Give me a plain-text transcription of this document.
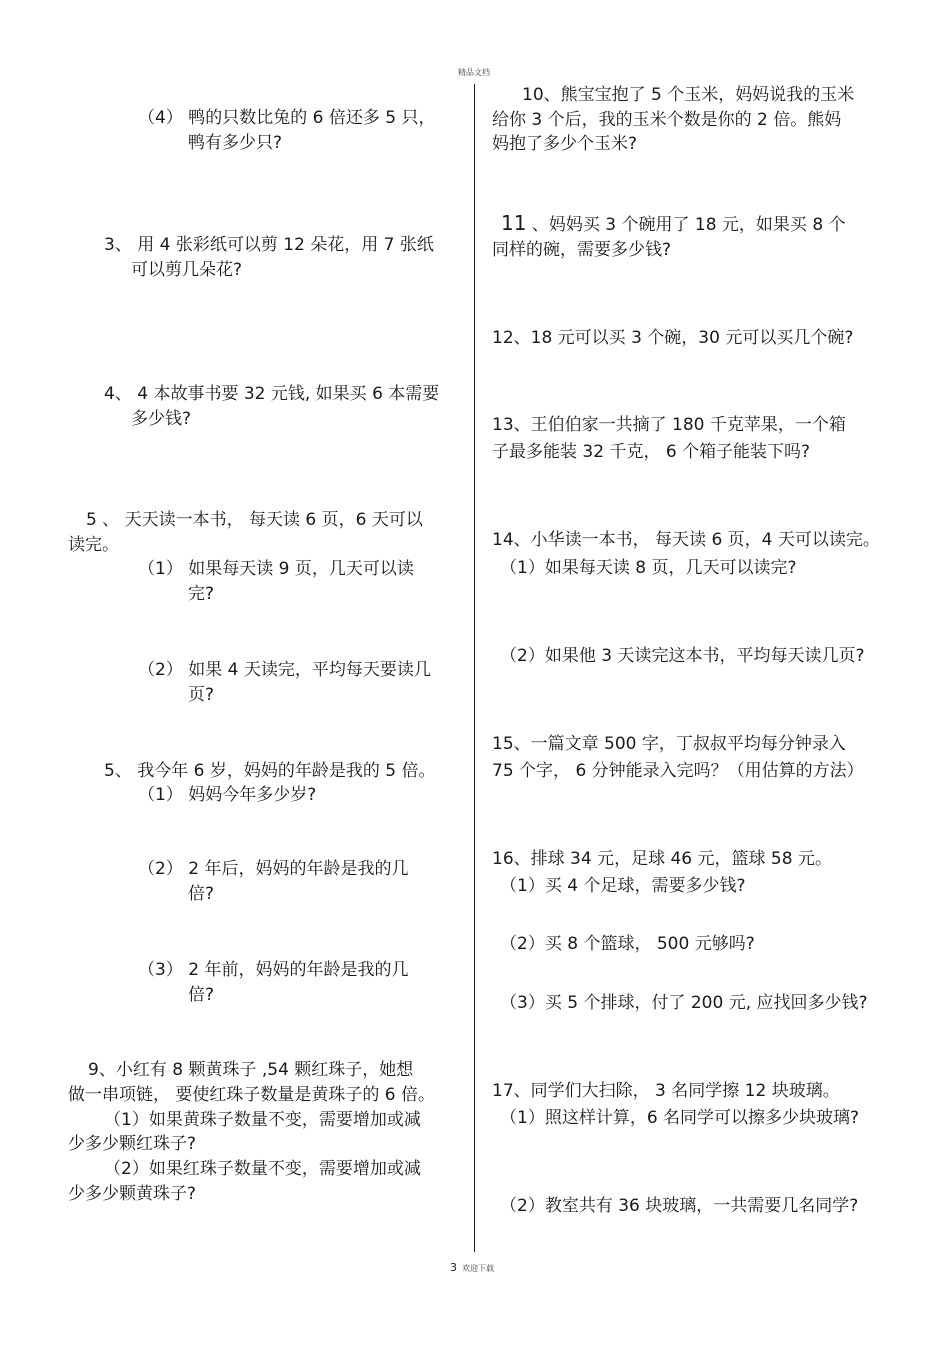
精品文档
（4） 鸭的只数比兔的 6 倍还多 5 只，
鸭有多少只?
3、 用 4 张彩纸可以剪 12 朵花，用 7 张纸
可以剪几朵花?
4、 4 本故事书要 32 元钱, 如果买 6 本需要
多少钱?
5 、 天天读一本书， 每天读 6 页，6 天可以
读完。
（1） 如果每天读 9 页，几天可以读
完?
（2） 如果 4 天读完，平均每天要读几
页?
5、 我今年 6 岁，妈妈的年龄是我的 5 倍。
（1） 妈妈今年多少岁?
（2） 2 年后，妈妈的年龄是我的几
倍?
（3） 2 年前，妈妈的年龄是我的几
倍?
9、小红有 8 颗黄珠子 ,54 颗红珠子，她想
做一串项链， 要使红珠子数量是黄珠子的 6 倍。
（1）如果黄珠子数量不变，需要增加或减
少多少颗红珠子?
（2）如果红珠子数量不变，需要增加或减
少多少颗黄珠子?
10、熊宝宝抱了 5 个玉米，妈妈说我的玉米
给你 3 个后，我的玉米个数是你的 2 倍。熊妈
妈抱了多少个玉米?
11 、妈妈买 3 个碗用了 18 元，如果买 8 个
同样的碗，需要多少钱?
12、18 元可以买 3 个碗，30 元可以买几个碗?
13、王伯伯家一共摘了 180 千克苹果，一个箱
子最多能装 32 千克， 6 个箱子能装下吗?
14、小华读一本书， 每天读 6 页，4 天可以读完。
（1）如果每天读 8 页，几天可以读完?
（2）如果他 3 天读完这本书，平均每天读几页?
15、一篇文章 500 字，丁叔叔平均每分钟录入
75 个字， 6 分钟能录入完吗？（用估算的方法）
16、排球 34 元，足球 46 元，篮球 58 元。
（1）买 4 个足球，需要多少钱?
（2）买 8 个篮球， 500 元够吗?
（3）买 5 个排球，付了 200 元, 应找回多少钱?
17、同学们大扫除， 3 名同学擦 12 块玻璃。
（1）照这样计算，6 名同学可以擦多少块玻璃?
（2）教室共有 36 块玻璃，一共需要几名同学?
3 欢迎下载
